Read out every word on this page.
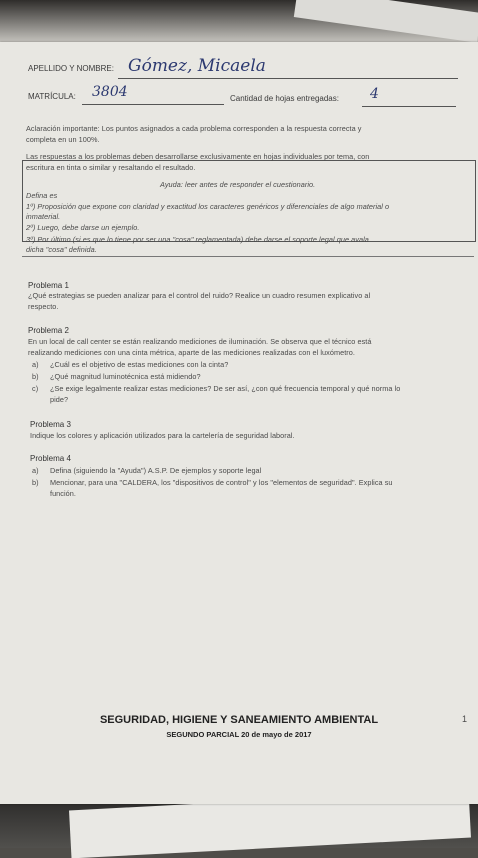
APELLIDO Y NOMBRE: Gómez, Micaela
MATRÍCULA: 3804	Cantidad de hojas entregadas: 4
Aclaración importante: Los puntos asignados a cada problema corresponden a la respuesta correcta y
completa en un 100%.
Las respuestas a los problemas deben desarrollarse exclusivamente en hojas individuales por tema, con
escritura en tinta o similar y resaltando el resultado.
Ayuda: leer antes de responder el cuestionario.
Defina es
1º) Proposición que expone con claridad y exactitud los caracteres genéricos y diferenciales de algo material o
inmaterial.
2º) Luego, debe darse un ejemplo.
3º) Por último (si es que lo tiene por ser una "cosa" reglamentada) debe darse el soporte legal que avala
dicha "cosa" definida.
Problema 1
¿Qué estrategias se pueden analizar para el control del ruido? Realice un cuadro resumen explicativo al
respecto.
Problema 2
En un local de call center se están realizando mediciones de iluminación. Se observa que el técnico está
realizando mediciones con una cinta métrica, aparte de las mediciones realizadas con el luxómetro.
a) ¿Cuál es el objetivo de estas mediciones con la cinta?
b) ¿Qué magnitud luminotécnica está midiendo?
c) ¿Se exige legalmente realizar estas mediciones? De ser así, ¿con qué frecuencia temporal y qué norma lo
pide?
Problema 3
Indique los colores y aplicación utilizados para la cartelería de seguridad laboral.
Problema 4
a) Defina (siguiendo la "Ayuda") A.S.P. De ejemplos y soporte legal
b) Mencionar, para una "CALDERA, los "dispositivos de control" y los "elementos de seguridad". Explica su
función.
SEGURIDAD, HIGIENE Y SANEAMIENTO AMBIENTAL
SEGUNDO PARCIAL 20 de mayo de 2017
1
